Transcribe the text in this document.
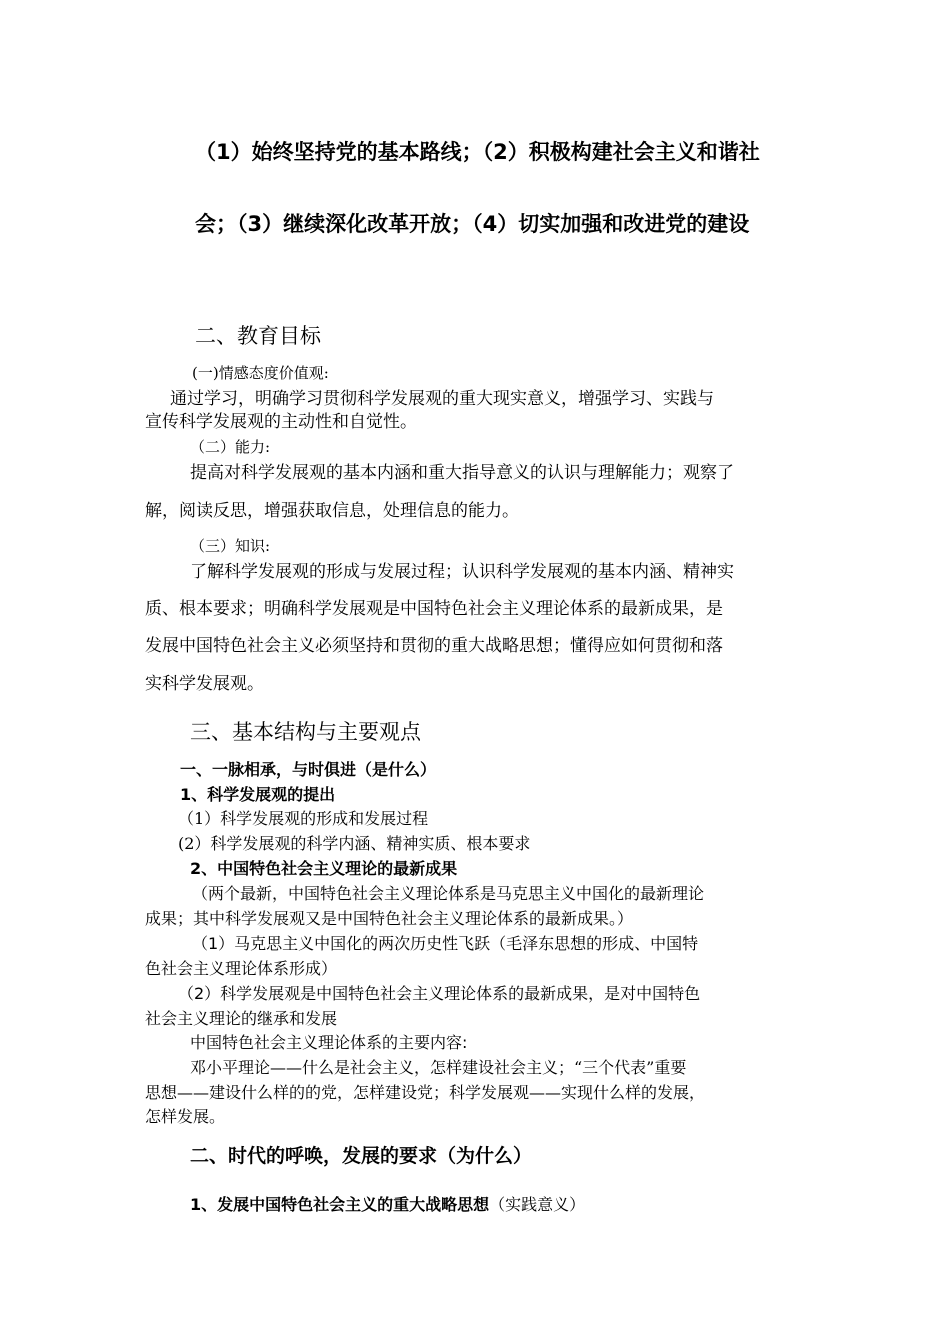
（1）始终坚持党的基本路线；（2）积极构建社会主义和谐社

会；（3）继续深化改革开放；（4）切实加强和改进党的建设

二、教育目标

(一)情感态度价值观:

通过学习，明确学习贯彻科学发展观的重大现实意义，增强学习、实践与

宣传科学发展观的主动性和自觉性。

（二）能力:

提高对科学发展观的基本内涵和重大指导意义的认识与理解能力；观察了

解，阅读反思，增强获取信息，处理信息的能力。

（三）知识:

了解科学发展观的形成与发展过程；认识科学发展观的基本内涵、精神实

质、根本要求；明确科学发展观是中国特色社会主义理论体系的最新成果，是

发展中国特色社会主义必须坚持和贯彻的重大战略思想；懂得应如何贯彻和落

实科学发展观。

三、基本结构与主要观点

一、一脉相承，与时俱进（是什么）

1、科学发展观的提出

（1）科学发展观的形成和发展过程

(2）科学发展观的科学内涵、精神实质、根本要求

2、中国特色社会主义理论的最新成果

（两个最新，中国特色社会主义理论体系是马克思主义中国化的最新理论

成果；其中科学发展观又是中国特色社会主义理论体系的最新成果。）

（1）马克思主义中国化的两次历史性飞跃（毛泽东思想的形成、中国特

色社会主义理论体系形成）

（2）科学发展观是中国特色社会主义理论体系的最新成果，是对中国特色

社会主义理论的继承和发展

中国特色社会主义理论体系的主要内容:

邓小平理论——什么是社会主义，怎样建设社会主义；“三个代表”重要

思想——建设什么样的的党，怎样建设党；科学发展观——实现什么样的发展，

怎样发展。

二、时代的呼唤，发展的要求（为什么）

1、发展中国特色社会主义的重大战略思想（实践意义）
